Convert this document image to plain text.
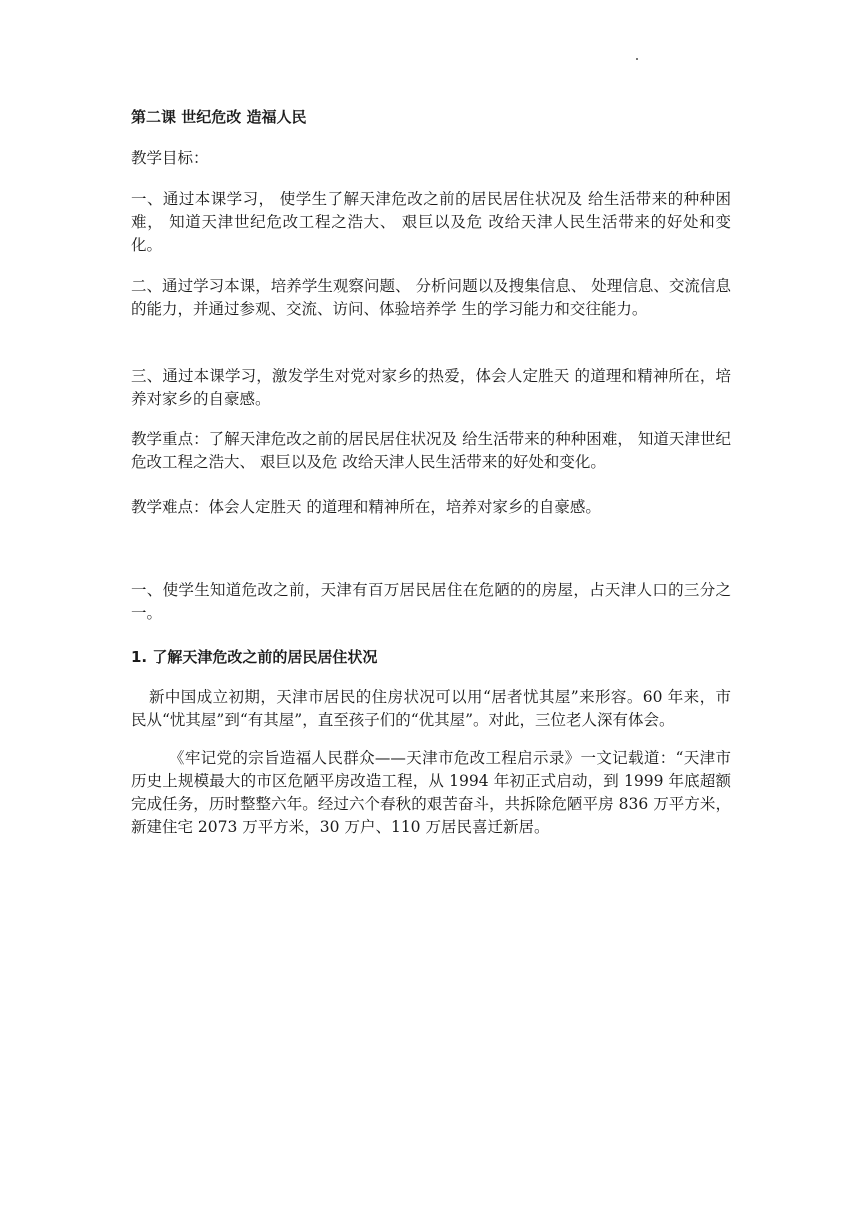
第二课 世纪危改 造福人民

教学目标：

一、通过本课学习， 使学生了解天津危改之前的居民居住状况及 给生活带来的种种困难， 知道天津世纪危改工程之浩大、 艰巨以及危 改给天津人民生活带来的好处和变化。

二、通过学习本课，培养学生观察问题、 分析问题以及搜集信息、 处理信息、交流信息的能力，并通过参观、交流、访问、体验培养学 生的学习能力和交往能力。

三、通过本课学习，激发学生对党对家乡的热爱，体会人定胜天 的道理和精神所在，培养对家乡的自豪感。

教学重点：了解天津危改之前的居民居住状况及 给生活带来的种种困难， 知道天津世纪危改工程之浩大、 艰巨以及危 改给天津人民生活带来的好处和变化。

教学难点：体会人定胜天 的道理和精神所在，培养对家乡的自豪感。

一、使学生知道危改之前，天津有百万居民居住在危陋的的房屋，占天津人口的三分之一。

1. 了解天津危改之前的居民居住状况

新中国成立初期，天津市居民的住房状况可以用“居者忧其屋”来形容。60 年来，市民从“忧其屋”到“有其屋”，直至孩子们的“优其屋”。对此，三位老人深有体会。

《牢记党的宗旨造福人民群众——天津市危改工程启示录》一文记载道：“天津市历史上规模最大的市区危陋平房改造工程，从 1994 年初正式启动，到 1999 年底超额完成任务，历时整整六年。经过六个春秋的艰苦奋斗，共拆除危陋平房 836 万平方米，新建住宅 2073 万平方米，30 万户、110 万居民喜迁新居。
